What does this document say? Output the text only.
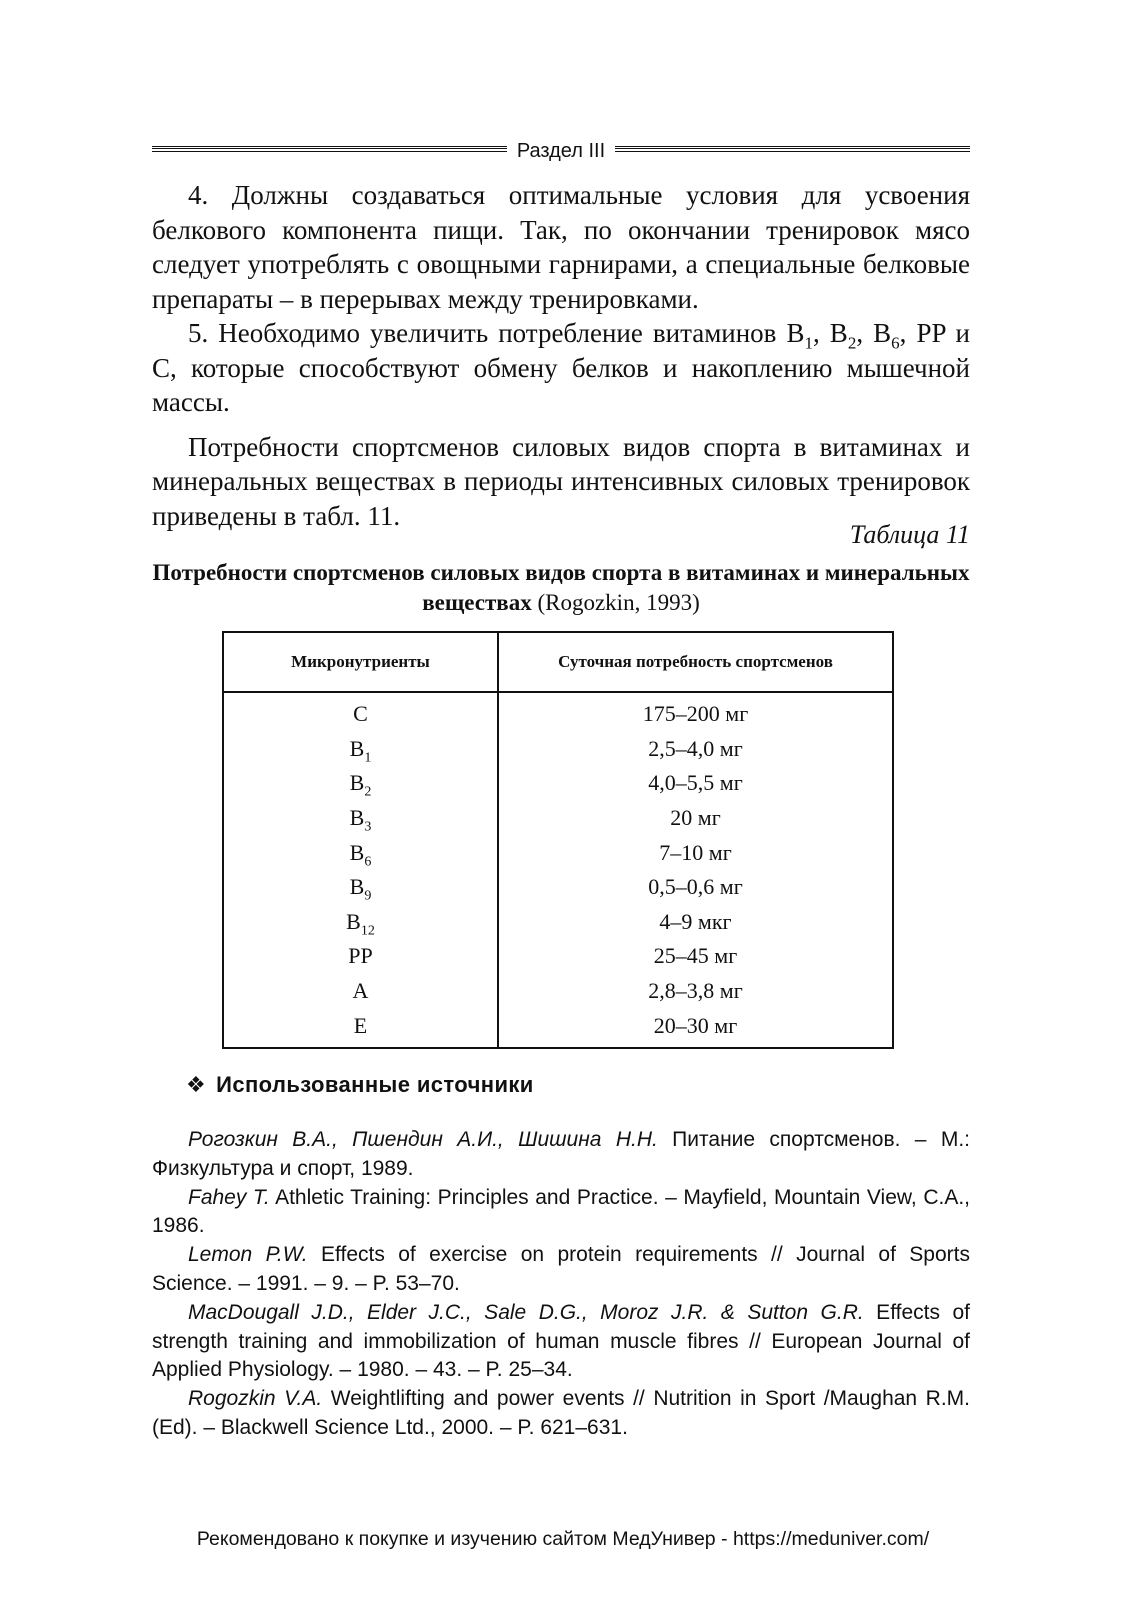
Раздел III

4. Должны создаваться оптимальные условия для усвоения белкового компонента пищи. Так, по окончании тренировок мясо следует употреблять с овощными гарнирами, а специальные белковые препараты – в перерывах между тренировками.

5. Необходимо увеличить потребление витаминов $B_1$, $B_2$, $B_6$, PP и C, которые способствуют обмену белков и накоплению мышечной массы.

Потребности спортсменов силовых видов спорта в витаминах и минеральных веществах в периоды интенсивных силовых тренировок приведены в табл. 11.

Таблица 11
Потребности спортсменов силовых видов спорта в витаминах и минеральных веществах (Rogozkin, 1993)
Микронутриенты	Суточная потребность спортсменов
C	175–200 мг
$B_1$	2,5–4,0 мг
$B_2$	4,0–5,5 мг
$B_3$	20 мг
$B_6$	7–10 мг
$B_9$	0,5–0,6 мг
$B_{12}$	4–9 мкг
PP	25–45 мг
A	2,8–3,8 мг
E	20–30 мг
❖ Использованные источники

Рогозкин В.А., Пшендин А.И., Шишина Н.Н. Питание спортсменов. – М.: Физкультура и спорт, 1989.

Fahey T. Athletic Training: Principles and Practice. – Mayfield, Mountain View, C.A., 1986.

Lemon P.W. Effects of exercise on protein requirements // Journal of Sports Science. – 1991. – 9. – P. 53–70.

MacDougall J.D., Elder J.C., Sale D.G., Moroz J.R. & Sutton G.R. Effects of strength training and immobilization of human muscle fibres // European Journal of Applied Physiology. – 1980. – 43. – P. 25–34.

Rogozkin V.A. Weightlifting and power events // Nutrition in Sport /Maughan R.M. (Ed). – Blackwell Science Ltd., 2000. – P. 621–631.

Рекомендовано к покупке и изучению сайтом МедУнивер - https://meduniver.com/
